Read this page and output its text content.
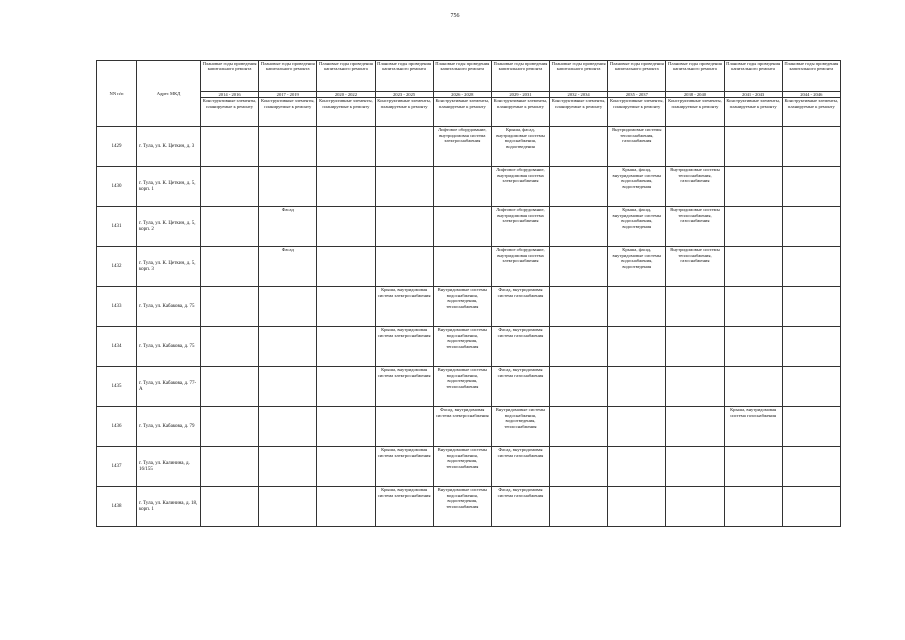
756
NN п/п	Адрес МКД	Плановые годы проведения капитального ремонта	Плановые годы проведения капитального ремонта	Плановые годы проведения капитального ремонта	Плановые годы проведения капитального ремонта	Плановые годы проведения капитального ремонта	Плановые годы проведения капитального ремонта	Плановые годы проведения капитального ремонта	Плановые годы проведения капитального ремонта	Плановые годы проведения капитального ремонта	Плановые годы проведения капитального ремонта	Плановые годы проведения капитального ремонта
		2014 - 2016	2017 - 2019	2020 - 2022	2023 - 2025	2026 - 2028	2029 - 2031	2032 - 2034	2035 - 2037	2038 - 2040	2041 - 2043	2044 - 2046
		Конструктивные элементы, планируемые к ремонту	Конструктивные элементы, планируемые к ремонту	Конструктивные элементы, планируемые к ремонту	Конструктивные элементы, планируемые к ремонту	Конструктивные элементы, планируемые к ремонту	Конструктивные элементы, планируемые к ремонту	Конструктивные элементы, планируемые к ремонту	Конструктивные элементы, планируемые к ремонту	Конструктивные элементы, планируемые к ремонту	Конструктивные элементы, планируемые к ремонту	Конструктивные элементы, планируемые к ремонту
1429	г. Тула, ул. К. Цеткин, д. 3					Лифтовое оборудование, внутридомовая система электроснабжения	Крыша, фасад, внутридомовые системы водоснабжения, водоотведения		Внутридомовые системы теплоснабжения, газоснабжения			
1430	г. Тула, ул. К. Цеткин, д. 5, корп. 1						Лифтовое оборудование, внутридомовая система электроснабжения		Крыша, фасад, внутридомовые системы водоснабжения, водоотведения	Внутридомовые системы теплоснабжения, газоснабжения		
1431	г. Тула, ул. К. Цеткин, д. 5, корп. 2		Фасад				Лифтовое оборудование, внутридомовая система электроснабжения		Крыша, фасад, внутридомовые системы водоснабжения, водоотведения	Внутридомовые системы теплоснабжения, газоснабжения		
1432	г. Тула, ул. К. Цеткин, д. 5, корп. 3		Фасад				Лифтовое оборудование, внутридомовая система электроснабжения		Крыша, фасад, внутридомовые системы водоснабжения, водоотведения	Внутридомовые системы теплоснабжения, газоснабжения		
1433	г. Тула, ул. Кабакова, д. 75				Крыша, внутридомовая система электроснабжения	Внутридомовые системы водоснабжения, водоотведения, теплоснабжения	Фасад, внутридомовая система газоснабжения					
1434	г. Тула, ул. Кабакова, д. 75				Крыша, внутридомовая система электроснабжения	Внутридомовые системы водоснабжения, водоотведения, теплоснабжения	Фасад, внутридомовая система газоснабжения					
1435	г. Тула, ул. Кабакова, д. 77-А				Крыша, внутридомовая система электроснабжения	Внутридомовые системы водоснабжения, водоотведения, теплоснабжения	Фасад, внутридомовая система газоснабжения					
1436	г. Тула, ул. Кабакова, д. 79					Фасад, внутридомовая система электроснабжения	Внутридомовые системы водоснабжения, водоотведения, теплоснабжения				Крыша, внутридомовая система газоснабжения	
1437	г. Тула, ул. Калинина, д. 16/155				Крыша, внутридомовая система электроснабжения	Внутридомовые системы водоснабжения, водоотведения, теплоснабжения	Фасад, внутридомовая система газоснабжения					
1438	г. Тула, ул. Калинина, д. 18, корп. 1				Крыша, внутридомовая система электроснабжения	Внутридомовые системы водоснабжения, водоотведения, теплоснабжения	Фасад, внутридомовая система газоснабжения					
